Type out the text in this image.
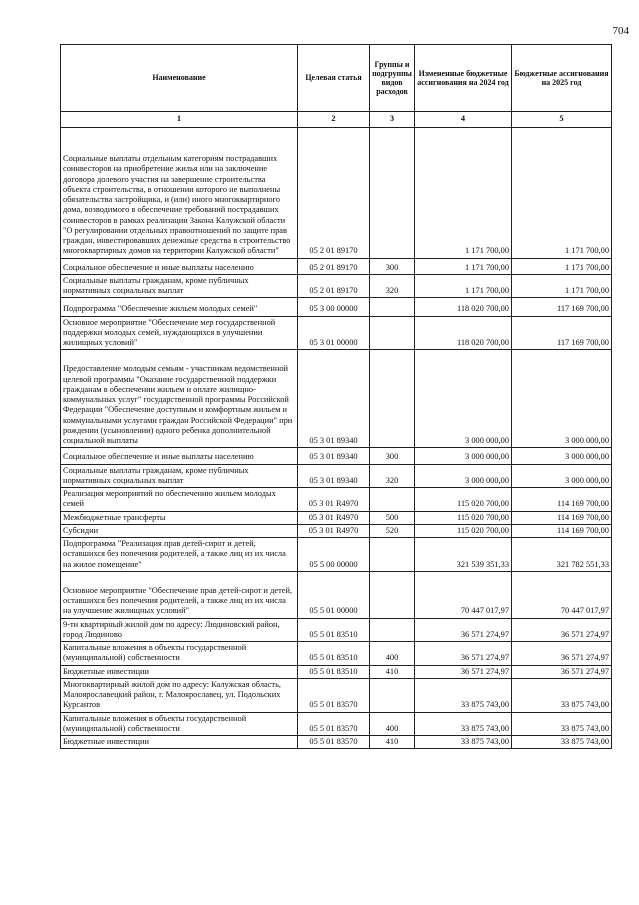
704
Наименование	Целевая статья	Группы и подгруппы видов расходов	Измененные бюджетные ассигнования на 2024 год	Бюджетные ассигнования на 2025 год
1	2	3	4	5
Социальные выплаты отдельным категориям пострадавших соинвесторов на приобретение жилья или на заключение договора долевого участия на завершение строительства объекта строительства, в отношении которого не выполнены обязательства застройщика, и (или) иного многоквартирного дома, возводимого в обеспечение требований пострадавших соинвесторов в рамках реализации Закона Калужской области "О регулировании отдельных правоотношений по защите прав граждан, инвестировавших денежные средства в строительство многоквартирных домов на территории Калужской области"	05 2 01 89170		1 171 700,00	1 171 700,00
Социальное обеспечение и иные выплаты населению	05 2 01 89170	300	1 171 700,00	1 171 700,00
Социальные выплаты гражданам, кроме публичных нормативных социальных выплат	05 2 01 89170	320	1 171 700,00	1 171 700,00
Подпрограмма "Обеспечение жильем молодых семей"	05 3 00 00000		118 020 700,00	117 169 700,00
Основное мероприятие "Обеспечение мер государственной поддержки молодых семей, нуждающихся в улучшении жилищных условий"	05 3 01 00000		118 020 700,00	117 169 700,00
Предоставление молодым семьям - участникам ведомственной целевой программы "Оказание государственной поддержки гражданам в обеспечении жильем и оплате жилищно-коммунальных услуг" государственной программы Российской Федерации "Обеспечение доступным и комфортным жильем и коммунальными услугами граждан Российской Федерации" при рождении (усыновлении) одного ребенка дополнительной социальной выплаты	05 3 01 89340		3 000 000,00	3 000 000,00
Социальное обеспечение и иные выплаты населению	05 3 01 89340	300	3 000 000,00	3 000 000,00
Социальные выплаты гражданам, кроме публичных нормативных социальных выплат	05 3 01 89340	320	3 000 000,00	3 000 000,00
Реализация мероприятий по обеспечению жильем молодых семей	05 3 01 R4970		115 020 700,00	114 169 700,00
Межбюджетные трансферты	05 3 01 R4970	500	115 020 700,00	114 169 700,00
Субсидии	05 3 01 R4970	520	115 020 700,00	114 169 700,00
Подпрограмма "Реализация прав детей-сирот и детей, оставшихся без попечения родителей, а также лиц из их числа на жилое помещение"	05 5 00 00000		321 539 351,33	321 782 551,33
Основное мероприятие "Обеспечение прав детей-сирот и детей, оставшихся без попечения родителей, а также лиц из их числа на улучшение жилищных условий"	05 5 01 00000		70 447 017,97	70 447 017,97
9-ти квартирный жилой дом по адресу: Людиновский район, город Людиново	05 5 01 83510		36 571 274,97	36 571 274,97
Капитальные вложения в объекты государственной (муниципальной) собственности	05 5 01 83510	400	36 571 274,97	36 571 274,97
Бюджетные инвестиции	05 5 01 83510	410	36 571 274,97	36 571 274,97
Многоквартирный жилой дом по адресу: Калужская область, Малоярославецкий район, г. Малоярославец, ул. Подольских Курсантов	05 5 01 83570		33 875 743,00	33 875 743,00
Капитальные вложения в объекты государственной (муниципальной) собственности	05 5 01 83570	400	33 875 743,00	33 875 743,00
Бюджетные инвестиции	05 5 01 83570	410	33 875 743,00	33 875 743,00
